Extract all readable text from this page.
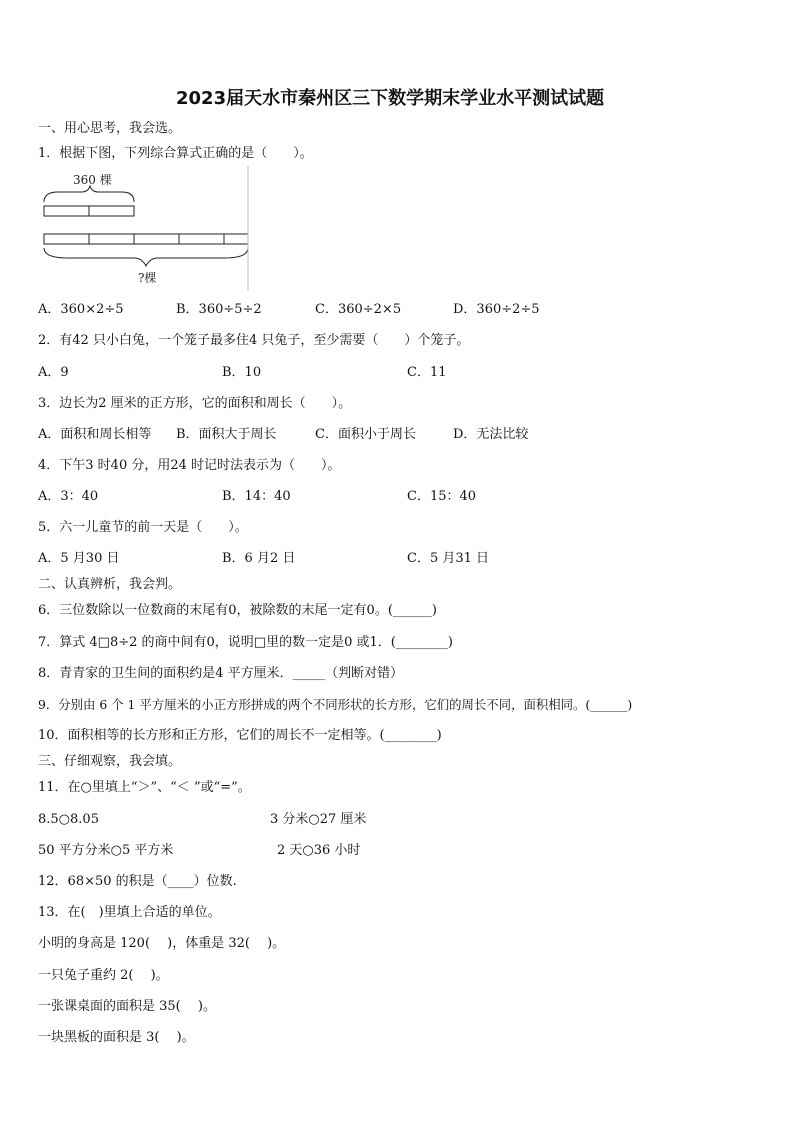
2023届天水市秦州区三下数学期末学业水平测试试题
一、用心思考，我会选。
1．根据下图，下列综合算式正确的是（　　）。
360 棵
?棵
A．360×2÷5	B．360÷5÷2	C．360÷2×5	D．360÷2÷5
2．有42 只小白兔，一个笼子最多住4 只兔子，至少需要（　　）个笼子。
A．9	B．10	C．11
3．边长为2 厘米的正方形，它的面积和周长（　　）。
A．面积和周长相等 B．面积大于周长	C．面积小于周长	D．无法比较
4．下午3 时40 分，用24 时记时法表示为（　　）。
A．3：40	B．14：40	C．15：40
5．六一儿童节的前一天是（　　）。
A．5 月30 日	B．6 月2 日	C．5 月31 日
二、认真辨析，我会判。
6．三位数除以一位数商的末尾有0，被除数的末尾一定有0。(______)
7．算式 4□8÷2 的商中间有0，说明□里的数一定是0 或1．(________)
8．青青家的卫生间的面积约是4 平方厘米．_____（判断对错）
9．分别由 6 个 1 平方厘米的小正方形拼成的两个不同形状的长方形，它们的周长不同，面积相同。(______)
10．面积相等的长方形和正方形，它们的周长不一定相等。(________)
三、仔细观察，我会填。
11．在○里填上“＞”、“＜ ”或“=”。
8.5○8.05	3 分米○27 厘米
50 平方分米○5 平方米	2 天○36 小时
12．68×50 的积是（____）位数.
13．在(　)里填上合适的单位。
小明的身高是 120(　 )，体重是 32(　 )。
一只兔子重约 2(　 )。
一张课桌面的面积是 35(　 )。
一块黑板的面积是 3(　 )。
